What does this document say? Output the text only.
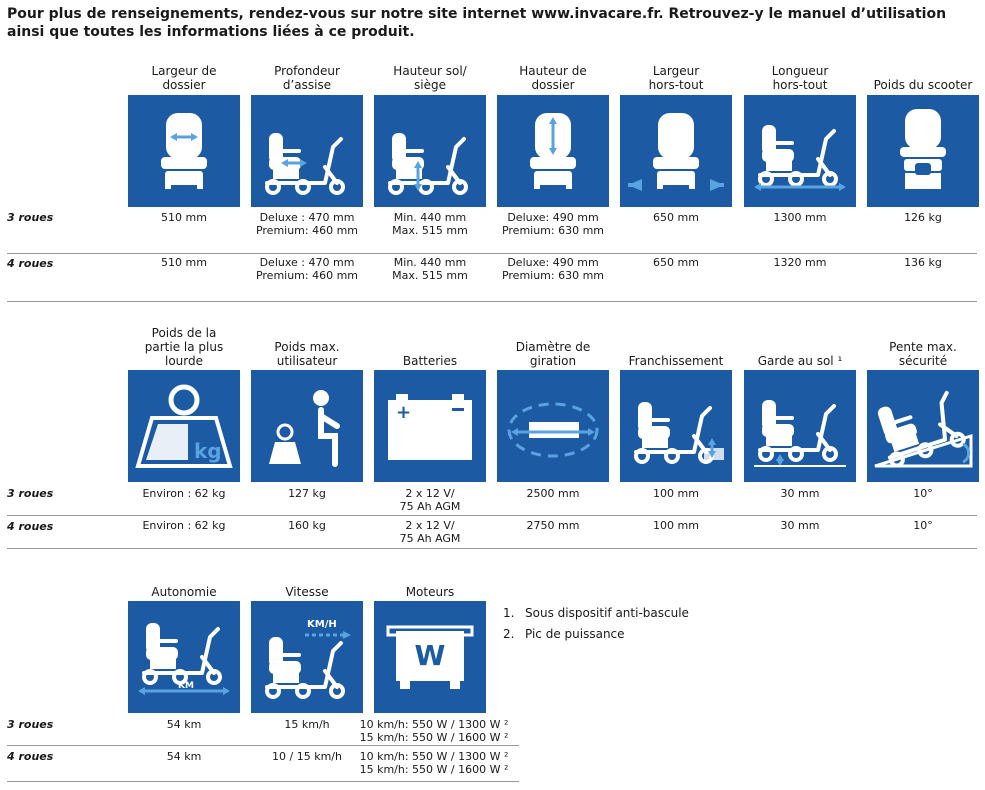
Pour plus de renseignements, rendez-vous sur notre site internet www.invacare.fr. Retrouvez-y le manuel d’utilisation ainsi que toutes les informations liées à ce produit.
3 roues
4 roues
3 roues
4 roues
3 roues
4 roues
1. Sous dispositif anti-bascule
2. Pic de puissance
Largeur de
dossier
510 mm
510 mm
Profondeur
d’assise
Deluxe : 470 mm
Premium: 460 mm
Deluxe : 470 mm
Premium: 460 mm
Hauteur sol/
siège
Min. 440 mm
Max. 515 mm
Min. 440 mm
Max. 515 mm
Hauteur de
dossier
Deluxe: 490 mm
Premium: 630 mm
Deluxe: 490 mm
Premium: 630 mm
Largeur
hors-tout
650 mm
650 mm
Longueur
hors-tout
1300 mm
1320 mm
Poids du scooter
126 kg
136 kg
Poids de la
partie la plus
lourde
kg
Environ : 62 kg
Environ : 62 kg
Poids max.
utilisateur
127 kg
160 kg
Batteries
+
2 x 12 V/
75 Ah AGM
2 x 12 V/
75 Ah AGM
Diamètre de
giration
2500 mm
2750 mm
Franchissement
100 mm
100 mm
Garde au sol ¹
30 mm
30 mm
Pente max.
sécurité
10°
10°
Autonomie
KM
54 km
54 km
Vitesse
KM/H
15 km/h
10 / 15 km/h
Moteurs
W
10 km/h: 550 W / 1300 W ²
15 km/h: 550 W / 1600 W ²
10 km/h: 550 W / 1300 W ²
15 km/h: 550 W / 1600 W ²
